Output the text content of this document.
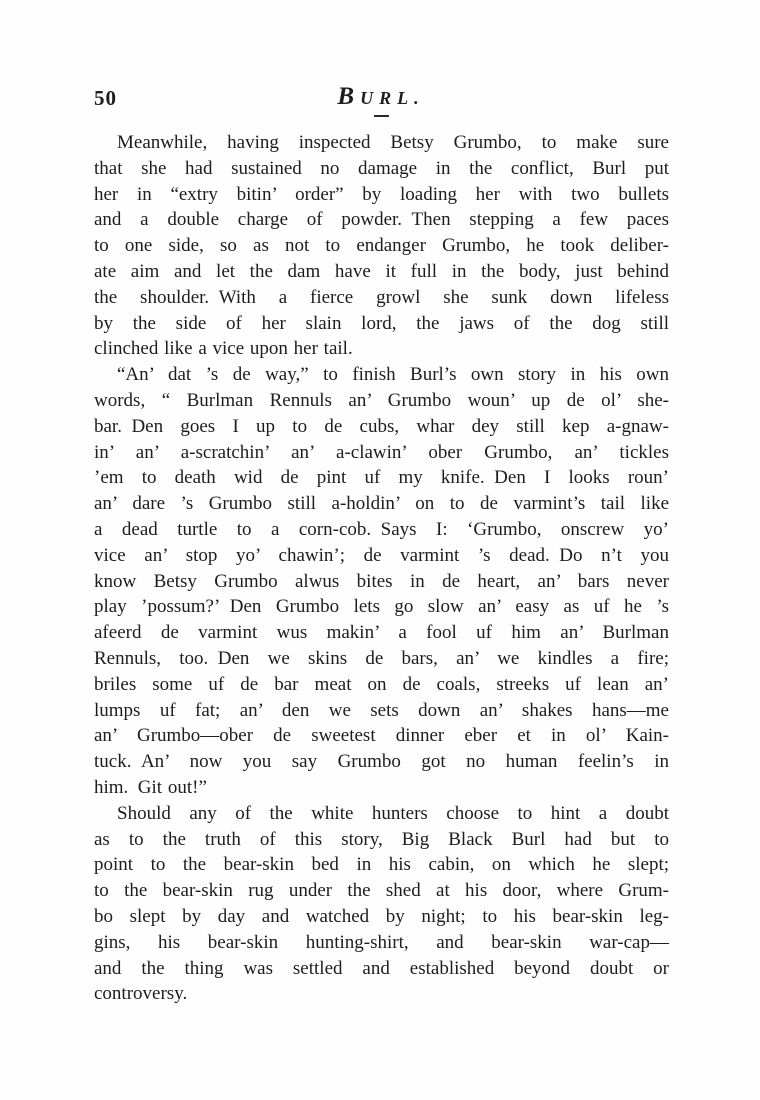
50	BURL.
Meanwhile, having inspected Betsy Grumbo, to make sure
that she had sustained no damage in the conflict, Burl put
her in “extry bitin’ order” by loading her with two bullets
and a double charge of powder. Then stepping a few paces
to one side, so as not to endanger Grumbo, he took deliber-
ate aim and let the dam have it full in the body, just behind
the shoulder. With a fierce growl she sunk down lifeless
by the side of her slain lord, the jaws of the dog still
clinched like a vice upon her tail.
“An’ dat ’s de way,” to finish Burl’s own story in his own
words, “ Burlman Rennuls an’ Grumbo woun’ up de ol’ she-
bar. Den goes I up to de cubs, whar dey still kep a-gnaw-
in’ an’ a-scratchin’ an’ a-clawin’ ober Grumbo, an’ tickles
’em to death wid de pint uf my knife. Den I looks roun’
an’ dare ’s Grumbo still a-holdin’ on to de varmint’s tail like
a dead turtle to a corn-cob. Says I: ‘Grumbo, onscrew yo’
vice an’ stop yo’ chawin’; de varmint ’s dead. Do n’t you
know Betsy Grumbo alwus bites in de heart, an’ bars never
play ’possum?’ Den Grumbo lets go slow an’ easy as uf he ’s
afeerd de varmint wus makin’ a fool uf him an’ Burlman
Rennuls, too. Den we skins de bars, an’ we kindles a fire;
briles some uf de bar meat on de coals, streeks uf lean an’
lumps uf fat; an’ den we sets down an’ shakes hans—me
an’ Grumbo—ober de sweetest dinner eber et in ol’ Kain-
tuck. An’ now you say Grumbo got no human feelin’s in
him. Git out!”
Should any of the white hunters choose to hint a doubt
as to the truth of this story, Big Black Burl had but to
point to the bear-skin bed in his cabin, on which he slept;
to the bear-skin rug under the shed at his door, where Grum-
bo slept by day and watched by night; to his bear-skin leg-
gins, his bear-skin hunting-shirt, and bear-skin war-cap—
and the thing was settled and established beyond doubt or
controversy.
